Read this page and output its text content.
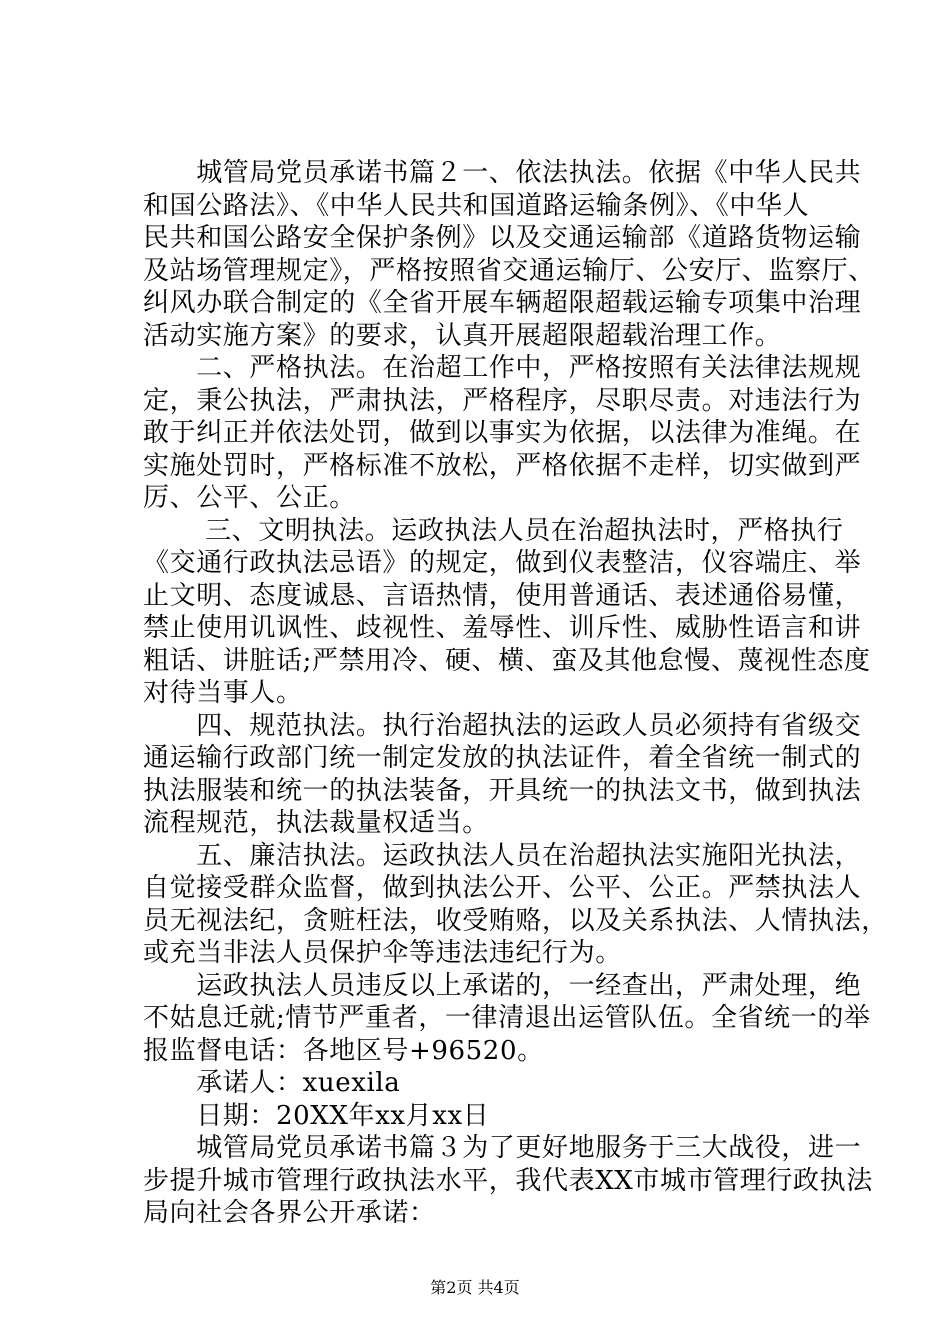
　　城管局党员承诺书篇２一、依法执法。依据《中华人民共
和国公路法》、《中华人民共和国道路运输条例》、《中华人
民共和国公路安全保护条例》以及交通运输部《道路货物运输
及站场管理规定》，严格按照省交通运输厅、公安厅、监察厅、
纠风办联合制定的《全省开展车辆超限超载运输专项集中治理
活动实施方案》的要求，认真开展超限超载治理工作。
　　二、严格执法。在治超工作中，严格按照有关法律法规规
定，秉公执法，严肃执法，严格程序，尽职尽责。对违法行为
敢于纠正并依法处罚，做到以事实为依据，以法律为准绳。在
实施处罚时，严格标准不放松，严格依据不走样，切实做到严
厉、公平、公正。
　　 三、文明执法。运政执法人员在治超执法时，严格执行
《交通行政执法忌语》的规定，做到仪表整洁，仪容端庄、举
止文明、态度诚恳、言语热情，使用普通话、表述通俗易懂，
禁止使用讥讽性、歧视性、羞辱性、训斥性、威胁性语言和讲
粗话、讲脏话;严禁用冷、硬、横、蛮及其他怠慢、蔑视性态度
对待当事人。
　　四、规范执法。执行治超执法的运政人员必须持有省级交
通运输行政部门统一制定发放的执法证件，着全省统一制式的
执法服装和统一的执法装备，开具统一的执法文书，做到执法
流程规范，执法裁量权适当。
　　五、廉洁执法。运政执法人员在治超执法实施阳光执法，
自觉接受群众监督，做到执法公开、公平、公正。严禁执法人
员无视法纪，贪赃枉法，收受贿赂，以及关系执法、人情执法，
或充当非法人员保护伞等违法违纪行为。
　　运政执法人员违反以上承诺的，一经查出，严肃处理，绝
不姑息迁就;情节严重者，一律清退出运管队伍。全省统一的举
报监督电话：各地区号+96520。
　　承诺人：xuexila
　　日期：20XX年xx月xx日
　　城管局党员承诺书篇３为了更好地服务于三大战役，进一
步提升城市管理行政执法水平，我代表XX市城市管理行政执法
局向社会各界公开承诺：
第2页 共4页
